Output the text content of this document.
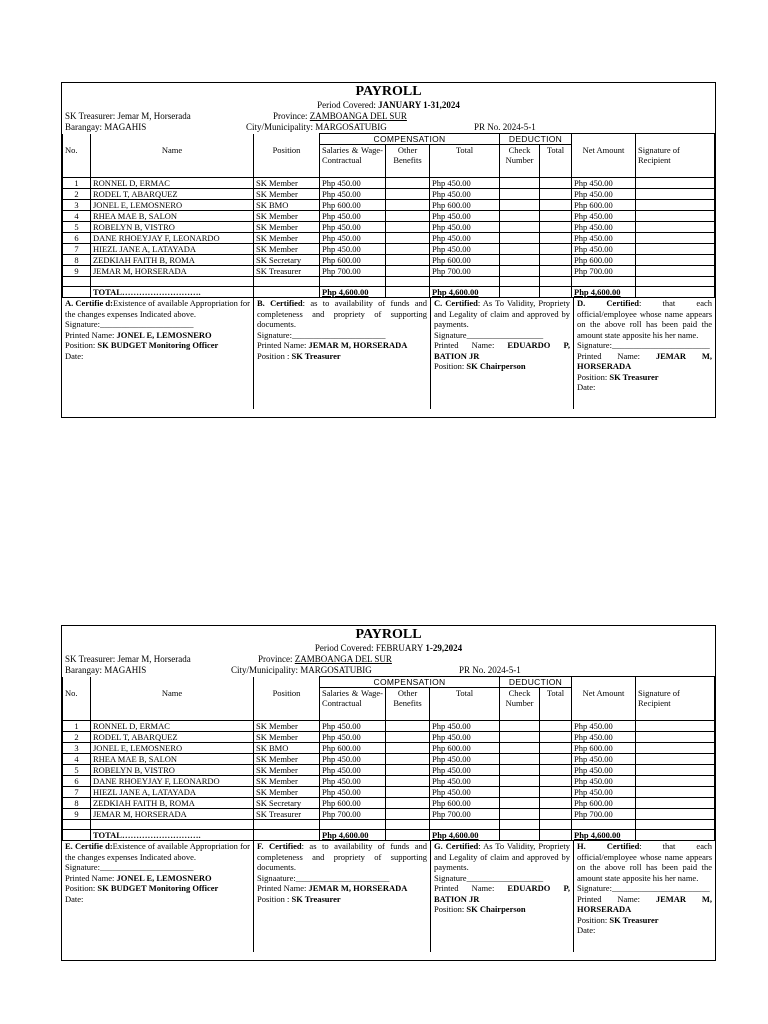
PAYROLL
Period Covered: JANUARY 1-31,2024
SK Treasurer: Jemar M, Horserada	Province: ZAMBOANGA DEL SUR
Barangay: MAGAHIS	City/Municipality: MARGOSATUBIG	PR No. 2024-5-1
			COMPENSATION			DEDUCTION			
No.	Name	Position	Salaries & Wage-Contractual	Other Benefits	Total	Check Number	Total	Net Amount	Signature of Recipient
1	RONNEL D, ERMAC	SK Member	Php 450.00		Php 450.00			Php 450.00	
2	RODEL T, ABARQUEZ	SK Member	Php 450.00		Php 450.00			Php 450.00	
3	JONEL E, LEMOSNERO	SK BMO	Php 600.00		Php 600.00			Php 600.00	
4	RHEA MAE B, SALON	SK Member	Php 450.00		Php 450.00			Php 450.00	
5	ROBELYN B, VISTRO	SK Member	Php 450.00		Php 450.00			Php 450.00	
6	DANE RHOEYJAY F, LEONARDO	SK Member	Php 450.00		Php 450.00			Php 450.00	
7	HIEZL JANE A, LATAYADA	SK Member	Php 450.00		Php 450.00			Php 450.00	
8	ZEDKIAH FAITH B, ROMA	SK Secretary	Php 600.00		Php 600.00			Php 600.00	
9	JEMAR M, HORSERADA	SK Treasurer	Php 700.00		Php 700.00			Php 700.00	

	TOTAL……………………….		Php 4,600.00		Php 4,600.00			Php 4,600.00	
A. Certifie d:Existence of available Appropriation for the changes expenses Indicated above.
Signature:______________________
Printed Name: JONEL E, LEMOSNERO
Position: SK BUDGET Monitoring Officer
Date:
B. Certified: as to availability of funds and completeness and propriety of supporting documents.
Signature:______________________
Printed Name: JEMAR M, HORSERADA
Position : SK Treasurer
C. Certified: As To Validity, Propriety and Legality of claim and approved by payments.
Signature__________________
Printed Name: EDUARDO P, BATION JR
Position: SK Chairperson
D. Certified: that each official/employee whose name appears on the above roll has been paid the amount state apposite his her name.
Signature:_______________________
Printed Name: JEMAR M, HORSERADA
Position: SK Treasurer
Date:
PAYROLL
Period Covered: FEBRUARY 1-29,2024
SK Treasurer: Jemar M, Horserada	Province: ZAMBOANGA DEL SUR
Barangay: MAGAHIS	City/Municipality: MARGOSATUBIG	PR No. 2024-5-1
			COMPENSATION			DEDUCTION			
No.	Name	Position	Salaries & Wage-Contractual	Other Benefits	Total	Check Number	Total	Net Amount	Signature of Recipient
1	RONNEL D, ERMAC	SK Member	Php 450.00		Php 450.00			Php 450.00	
2	RODEL T, ABARQUEZ	SK Member	Php 450.00		Php 450.00			Php 450.00	
3	JONEL E, LEMOSNERO	SK BMO	Php 600.00		Php 600.00			Php 600.00	
4	RHEA MAE B, SALON	SK Member	Php 450.00		Php 450.00			Php 450.00	
5	ROBELYN B, VISTRO	SK Member	Php 450.00		Php 450.00			Php 450.00	
6	DANE RHOEYJAY F, LEONARDO	SK Member	Php 450.00		Php 450.00			Php 450.00	
7	HIEZL JANE A, LATAYADA	SK Member	Php 450.00		Php 450.00			Php 450.00	
8	ZEDKIAH FAITH B, ROMA	SK Secretary	Php 600.00		Php 600.00			Php 600.00	
9	JEMAR M, HORSERADA	SK Treasurer	Php 700.00		Php 700.00			Php 700.00	

	TOTAL……………………….		Php 4,600.00		Php 4,600.00			Php 4,600.00	
E. Certifie d:Existence of available Appropriation for the changes expenses Indicated above.
Signature:______________________
Printed Name: JONEL E, LEMOSNERO
Position: SK BUDGET Monitoring Officer
Date:
F. Certified: as to availability of funds and completeness and propriety of supporting documents.
Signaature:______________________
Printed Name: JEMAR M, HORSERADA
Position : SK Treasurer
G. Certified: As To Validity, Propriety and Legality of claim and approved by payments.
Signature__________________
Printed Name: EDUARDO P, BATION JR
Position: SK Chairperson
H. Certified: that each official/employee whose name appears on the above roll has been paid the amount state apposite his her name.
Signature:_______________________
Printed Name: JEMAR M, HORSERADA
Position: SK Treasurer
Date:
